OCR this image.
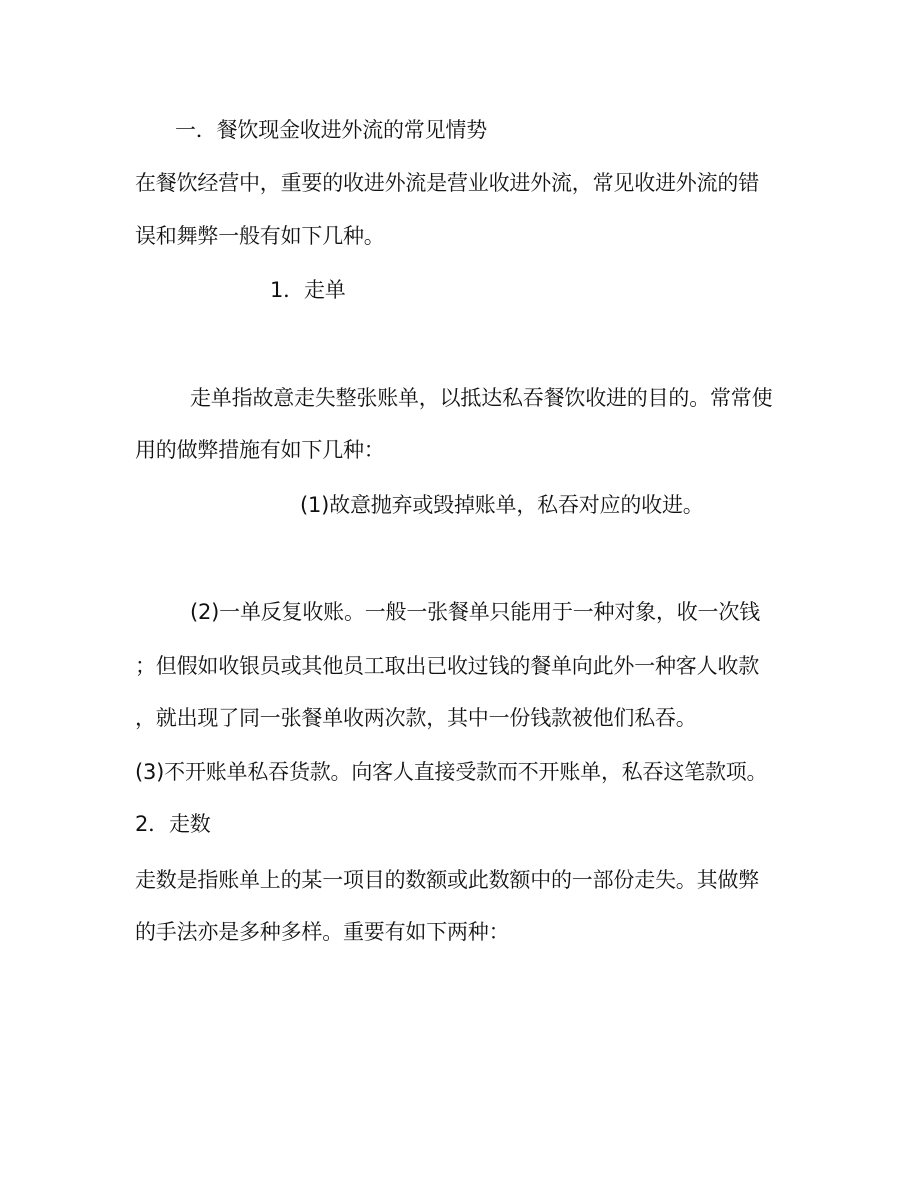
一．餐饮现金收进外流的常见情势
在餐饮经营中，重要的收进外流是营业收进外流，常见收进外流的错
误和舞弊一般有如下几种。
1．走单
走单指故意走失整张账单，以抵达私吞餐饮收进的目的。常常使
用的做弊措施有如下几种：
(1)故意抛弃或毁掉账单，私吞对应的收进。
(2)一单反复收账。一般一张餐单只能用于一种对象，收一次钱
；但假如收银员或其他员工取出已收过钱的餐单向此外一种客人收款
，就出现了同一张餐单收两次款，其中一份钱款被他们私吞。
(3)不开账单私吞货款。向客人直接受款而不开账单，私吞这笔款项。
2．走数
走数是指账单上的某一项目的数额或此数额中的一部份走失。其做弊
的手法亦是多种多样。重要有如下两种：
